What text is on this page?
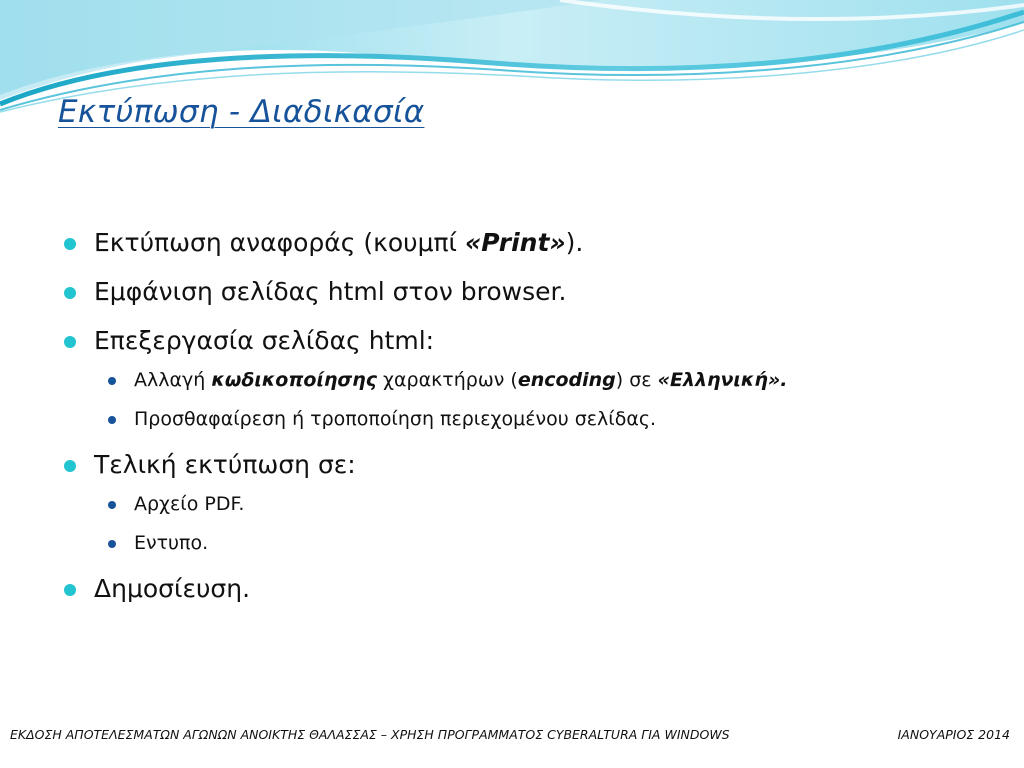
Εκτύπωση - Διαδικασία
Εκτύπωση αναφοράς (κουμπί «Print»).
Εμφάνιση σελίδας html στον browser.
Επεξεργασία σελίδας html:
Αλλαγή κωδικοποίησης χαρακτήρων (encoding) σε «Ελληνική».
Προσθαφαίρεση ή τροποποίηση περιεχομένου σελίδας.
Τελική εκτύπωση σε:
Αρχείο PDF.
Εντυπο.
Δημοσίευση.
ΕΚΔΟΣΗ ΑΠΟΤΕΛΕΣΜΑΤΩΝ ΑΓΩΝΩΝ ΑΝΟΙΚΤΗΣ ΘΑΛΑΣΣΑΣ – ΧΡΗΣΗ ΠΡΟΓΡΑΜΜΑΤΟΣ CYBERALTURA ΓΙΑ WINDOWS	ΙΑΝΟΥΑΡΙΟΣ 2014
